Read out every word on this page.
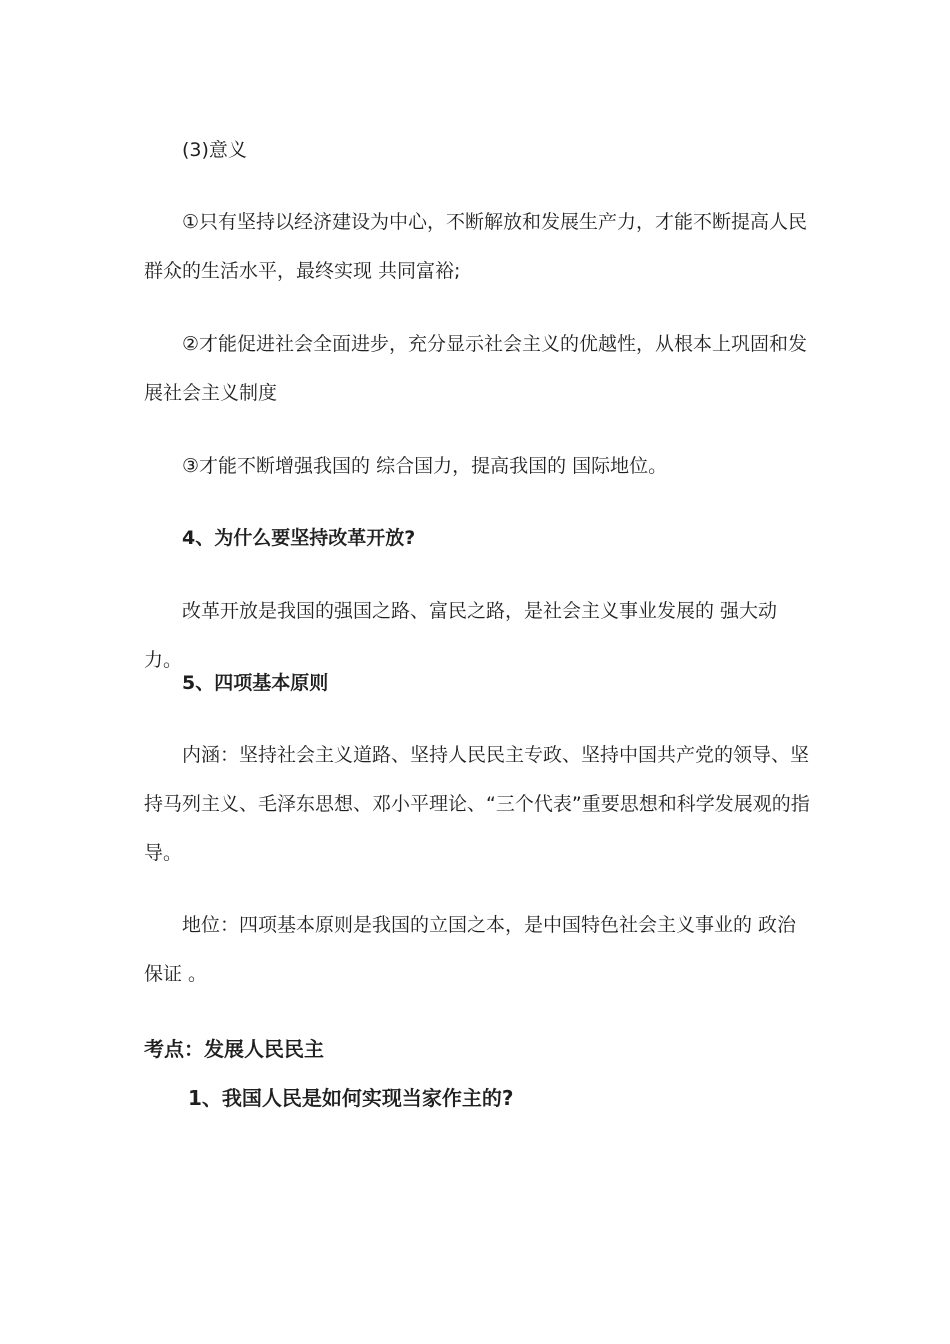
(3)意义

①只有坚持以经济建设为中心，不断解放和发展生产力，才能不断提高人民群众的生活水平，最终实现 共同富裕;

②才能促进社会全面进步，充分显示社会主义的优越性，从根本上巩固和发展社会主义制度

③才能不断增强我国的 综合国力，提高我国的 国际地位。

4、为什么要坚持改革开放?

改革开放是我国的强国之路、富民之路，是社会主义事业发展的 强大动力。

5、四项基本原则

内涵：坚持社会主义道路、坚持人民民主专政、坚持中国共产党的领导、坚持马列主义、毛泽东思想、邓小平理论、“三个代表”重要思想和科学发展观的指导。

地位：四项基本原则是我国的立国之本，是中国特色社会主义事业的 政治保证 。

考点：发展人民民主

1、我国人民是如何实现当家作主的?
